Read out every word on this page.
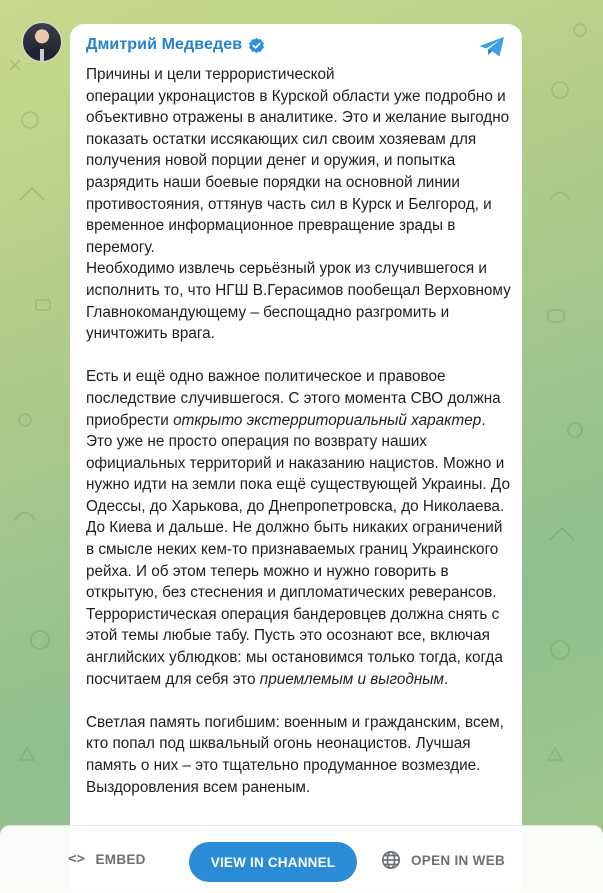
Дмитрий Медведев

Причины и цели террористической
операции укронацистов в Курской области уже подробно и объективно отражены в аналитике. Это и желание выгодно показать остатки иссякающих сил своим хозяевам для получения новой порции денег и оружия, и попытка разрядить наши боевые порядки на основной линии противостояния, оттянув часть сил в Курск и Белгород, и временное информационное превращение зрады в перемогу.
Необходимо извлечь серьёзный урок из случившегося и исполнить то, что НГШ В.Герасимов пообещал Верховному Главнокомандующему – беспощадно разгромить и уничтожить врага.

Есть и ещё одно важное политическое и правовое последствие случившегося. С этого момента СВО должна приобрести открыто экстерриториальный характер. Это уже не просто операция по возврату наших официальных территорий и наказанию нацистов. Можно и нужно идти на земли пока ещё существующей Украины. До Одессы, до Харькова, до Днепропетровска, до Николаева. До Киева и дальше. Не должно быть никаких ограничений в смысле неких кем-то признаваемых границ Украинского рейха. И об этом теперь можно и нужно говорить в открытую, без стеснения и дипломатических реверансов. Террористическая операция бандеровцев должна снять с этой темы любые табу. Пусть это осознают все, включая английских ублюдков: мы остановимся только тогда, когда посчитаем для себя это приемлемым и выгодным.

Светлая память погибшим: военным и гражданским, всем, кто попал под шквальный огонь неонацистов. Лучшая память о них – это тщательно продуманное возмездие. Выздоровления всем раненым.

<> EMBED	VIEW IN CHANNEL	OPEN IN WEB
